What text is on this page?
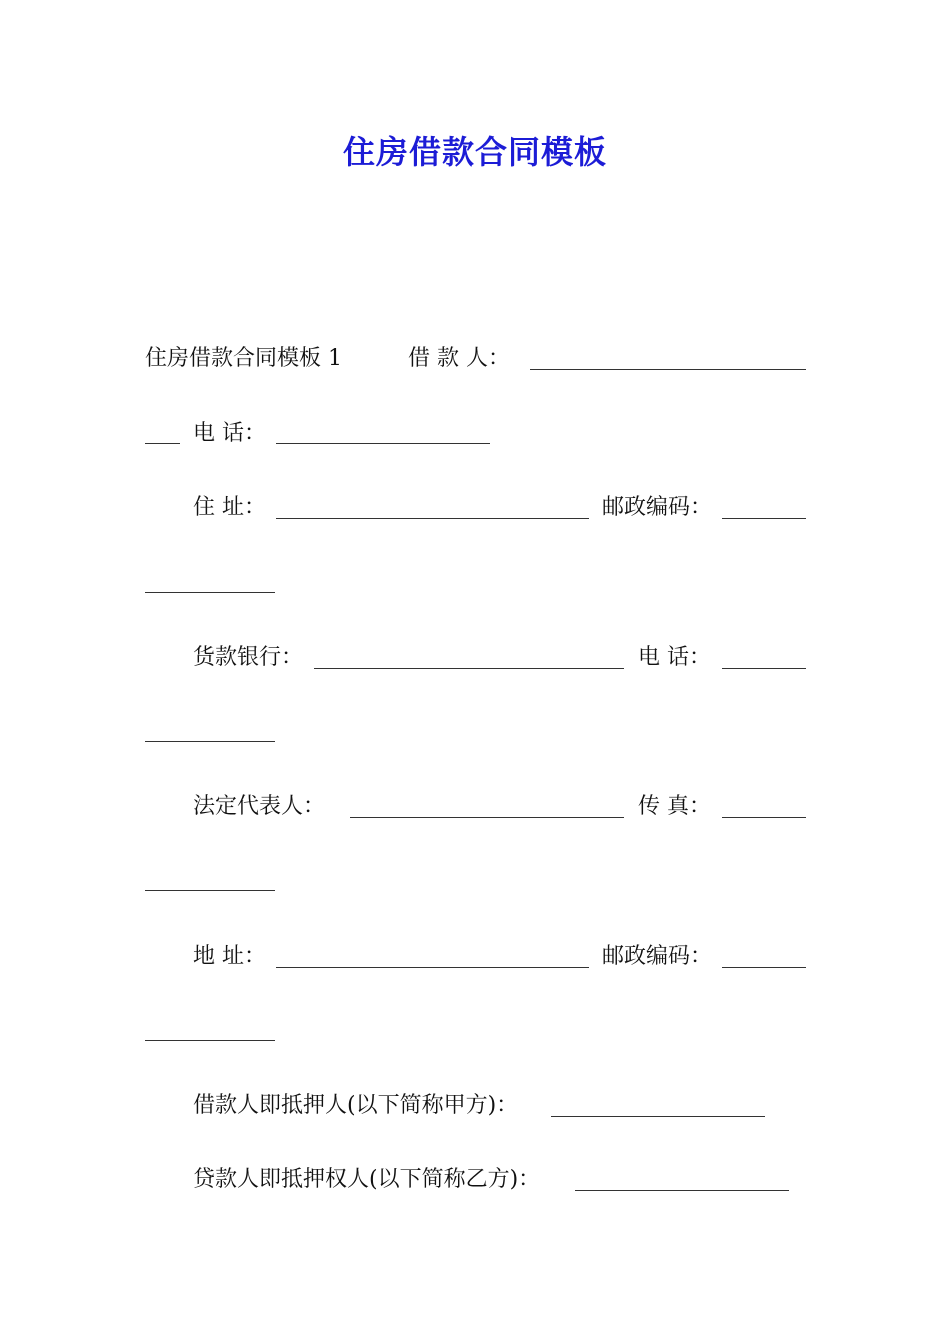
住房借款合同模板
住房借款合同模板 1	借 款 人：
电 话：
住 址：	邮政编码：
货款银行：	电 话：
法定代表人：	传 真：
地 址：	邮政编码：
借款人即抵押人(以下简称甲方)：
贷款人即抵押权人(以下简称乙方)：
